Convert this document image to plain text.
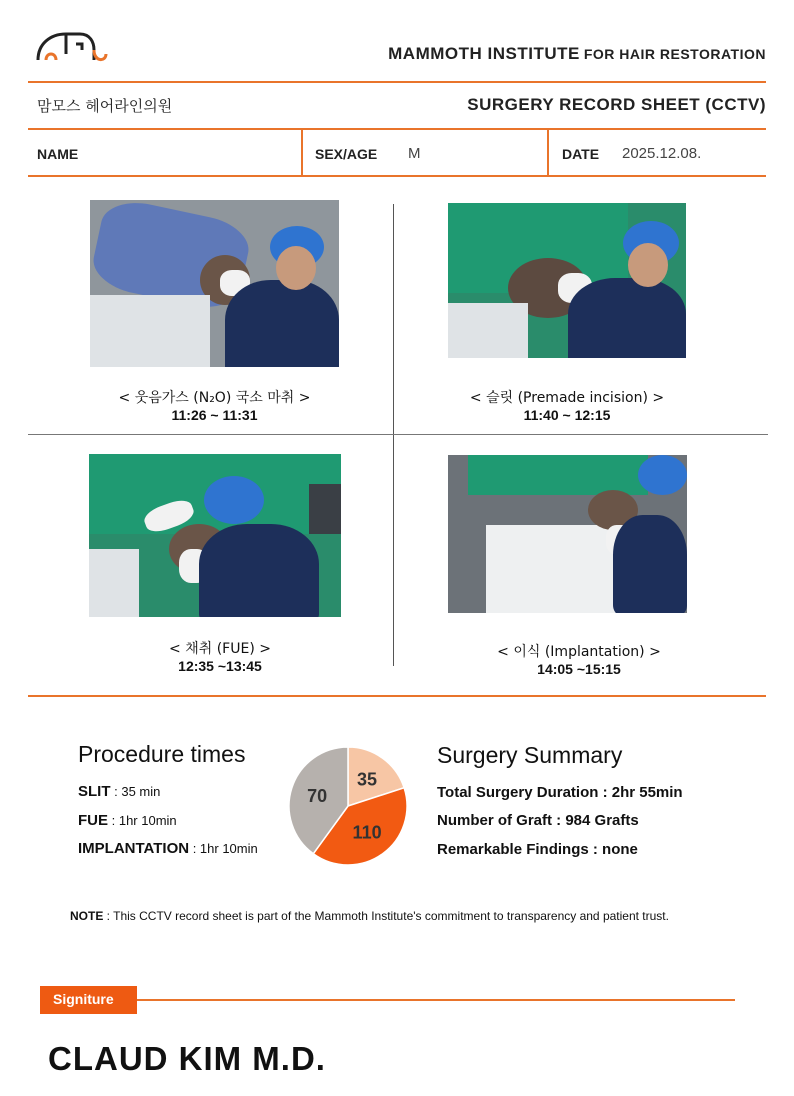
MAMMOTH INSTITUTE FOR HAIR RESTORATION
맘모스 헤어라인의원	SURGERY RECORD SHEET (CCTV)
NAME	SEX/AGE M	DATE 2025.12.08.
< 웃음가스 (N₂O) 국소 마취 >
11:26 ~ 11:31
< 슬릿 (Premade incision) >
11:40 ~ 12:15
< 채취 (FUE) >
12:35 ~13:45
< 이식 (Implantation) >
14:05 ~15:15
Procedure times
SLIT : 35 min
FUE : 1hr 10min
IMPLANTATION : 1hr 10min
35
110
70
Surgery Summary
Total Surgery Duration : 2hr 55min
Number of Graft : 984 Grafts
Remarkable Findings : none
NOTE : This CCTV record sheet is part of the Mammoth Institute's commitment to transparency and patient trust.
Signiture
CLAUD KIM M.D.
